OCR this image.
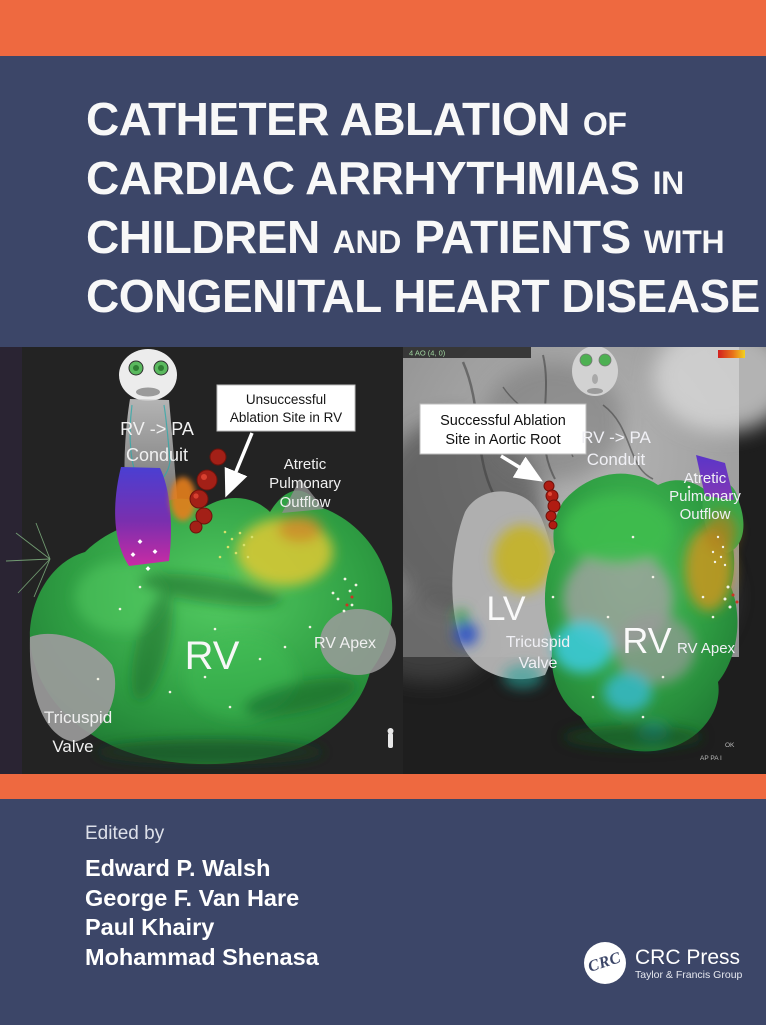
CATHETER ABLATION OF
CARDIAC ARRHYTHMIAS IN
CHILDREN AND PATIENTS WITH
CONGENITAL HEART DISEASE
Unsuccessful
Ablation Site in RV
RV -> PA
Conduit	Atretic
Pulmonary
Outflow
RV	RV Apex
Tricuspid
Valve
4 AO (4, 0)
Successful Ablation
Site in Aortic Root RV -> PA
Conduit
Atretic
Pulmonary
Outflow
LV
Tricuspid
Valve
RV RV Apex
OK
AP PA I
Edited by
Edward P. Walsh
George F. Van Hare
Paul Khairy
Mohammad Shenasa	CRC CRC Press
Taylor & Francis Group
